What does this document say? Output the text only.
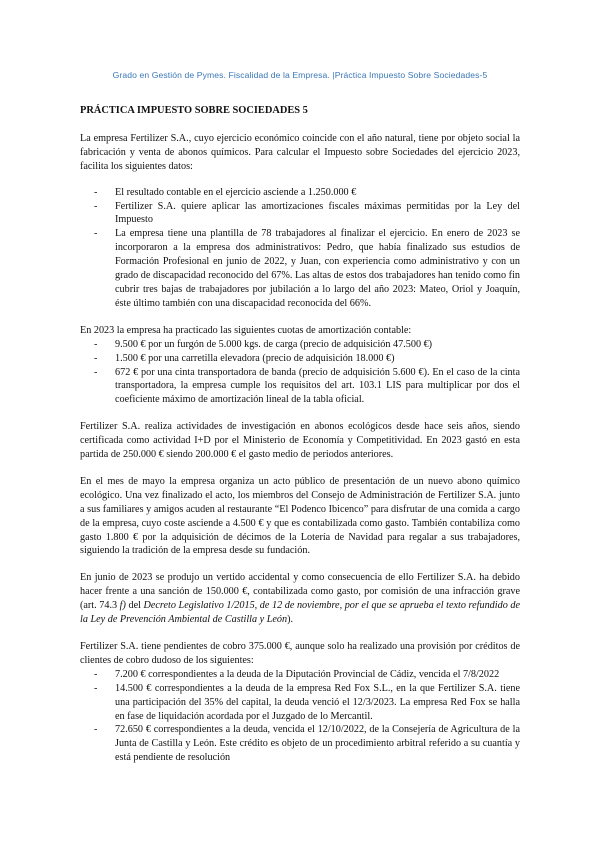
Grado en Gestión de Pymes. Fiscalidad de la Empresa. |Práctica Impuesto Sobre Sociedades-5
PRÁCTICA IMPUESTO SOBRE SOCIEDADES 5

La empresa Fertilizer S.A., cuyo ejercicio económico coincide con el año natural, tiene por objeto social la fabricación y venta de abonos químicos. Para calcular el Impuesto sobre Sociedades del ejercicio 2023, facilita los siguientes datos:

- El resultado contable en el ejercicio asciende a 1.250.000 €
- Fertilizer S.A. quiere aplicar las amortizaciones fiscales máximas permitidas por la Ley del Impuesto
- La empresa tiene una plantilla de 78 trabajadores al finalizar el ejercicio. En enero de 2023 se incorporaron a la empresa dos administrativos: Pedro, que había finalizado sus estudios de Formación Profesional en junio de 2022, y Juan, con experiencia como administrativo y con un grado de discapacidad reconocido del 67%. Las altas de estos dos trabajadores han tenido como fin cubrir tres bajas de trabajadores por jubilación a lo largo del año 2023: Mateo, Oriol y Joaquín, éste último también con una discapacidad reconocida del 66%.

En 2023 la empresa ha practicado las siguientes cuotas de amortización contable:

- 9.500 € por un furgón de 5.000 kgs. de carga (precio de adquisición 47.500 €)
- 1.500 € por una carretilla elevadora (precio de adquisición 18.000 €)
- 672 € por una cinta transportadora de banda (precio de adquisición 5.600 €). En el caso de la cinta transportadora, la empresa cumple los requisitos del art. 103.1 LIS para multiplicar por dos el coeficiente máximo de amortización lineal de la tabla oficial.

Fertilizer S.A. realiza actividades de investigación en abonos ecológicos desde hace seis años, siendo certificada como actividad I+D por el Ministerio de Economía y Competitividad. En 2023 gastó en esta partida de 250.000 € siendo 200.000 € el gasto medio de periodos anteriores.

En el mes de mayo la empresa organiza un acto público de presentación de un nuevo abono químico ecológico. Una vez finalizado el acto, los miembros del Consejo de Administración de Fertilizer S.A. junto a sus familiares y amigos acuden al restaurante “El Podenco Ibicenco” para disfrutar de una comida a cargo de la empresa, cuyo coste asciende a 4.500 € y que es contabilizada como gasto. También contabiliza como gasto 1.800 € por la adquisición de décimos de la Lotería de Navidad para regalar a sus trabajadores, siguiendo la tradición de la empresa desde su fundación.

En junio de 2023 se produjo un vertido accidental y como consecuencia de ello Fertilizer S.A. ha debido hacer frente a una sanción de 150.000 €, contabilizada como gasto, por comisión de una infracción grave (art. 74.3 f) del Decreto Legislativo 1/2015, de 12 de noviembre, por el que se aprueba el texto refundido de la Ley de Prevención Ambiental de Castilla y León).

Fertilizer S.A. tiene pendientes de cobro 375.000 €, aunque solo ha realizado una provisión por créditos de clientes de cobro dudoso de los siguientes:

- 7.200 € correspondientes a la deuda de la Diputación Provincial de Cádiz, vencida el 7/8/2022
- 14.500 € correspondientes a la deuda de la empresa Red Fox S.L., en la que Fertilizer S.A. tiene una participación del 35% del capital, la deuda venció el 12/3/2023. La empresa Red Fox se halla en fase de liquidación acordada por el Juzgado de lo Mercantil.
- 72.650 € correspondientes a la deuda, vencida el 12/10/2022, de la Consejería de Agricultura de la Junta de Castilla y León. Este crédito es objeto de un procedimiento arbitral referido a su cuantía y está pendiente de resolución
